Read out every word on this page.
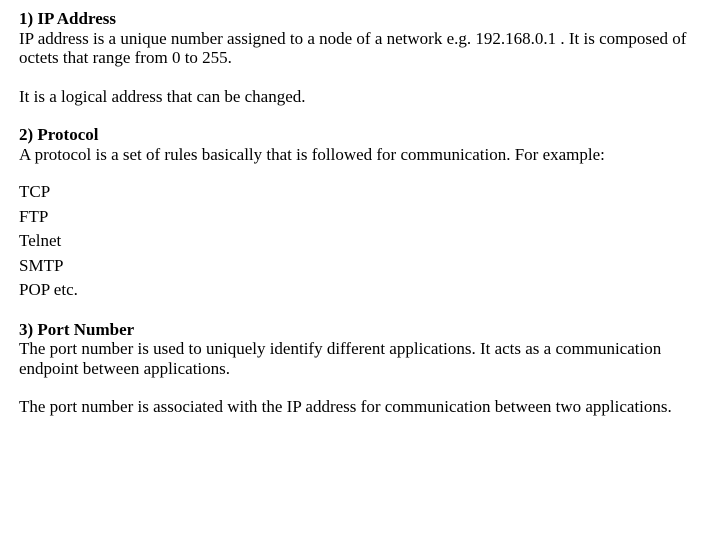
1) IP Address
IP address is a unique number assigned to a node of a network e.g. 192.168.0.1 . It is composed of octets that range from 0 to 255.
It is a logical address that can be changed.
2) Protocol
A protocol is a set of rules basically that is followed for communication. For example:
TCP
FTP
Telnet
SMTP
POP etc.
3) Port Number
The port number is used to uniquely identify different applications. It acts as a communication endpoint between applications.
The port number is associated with the IP address for communication between two applications.
